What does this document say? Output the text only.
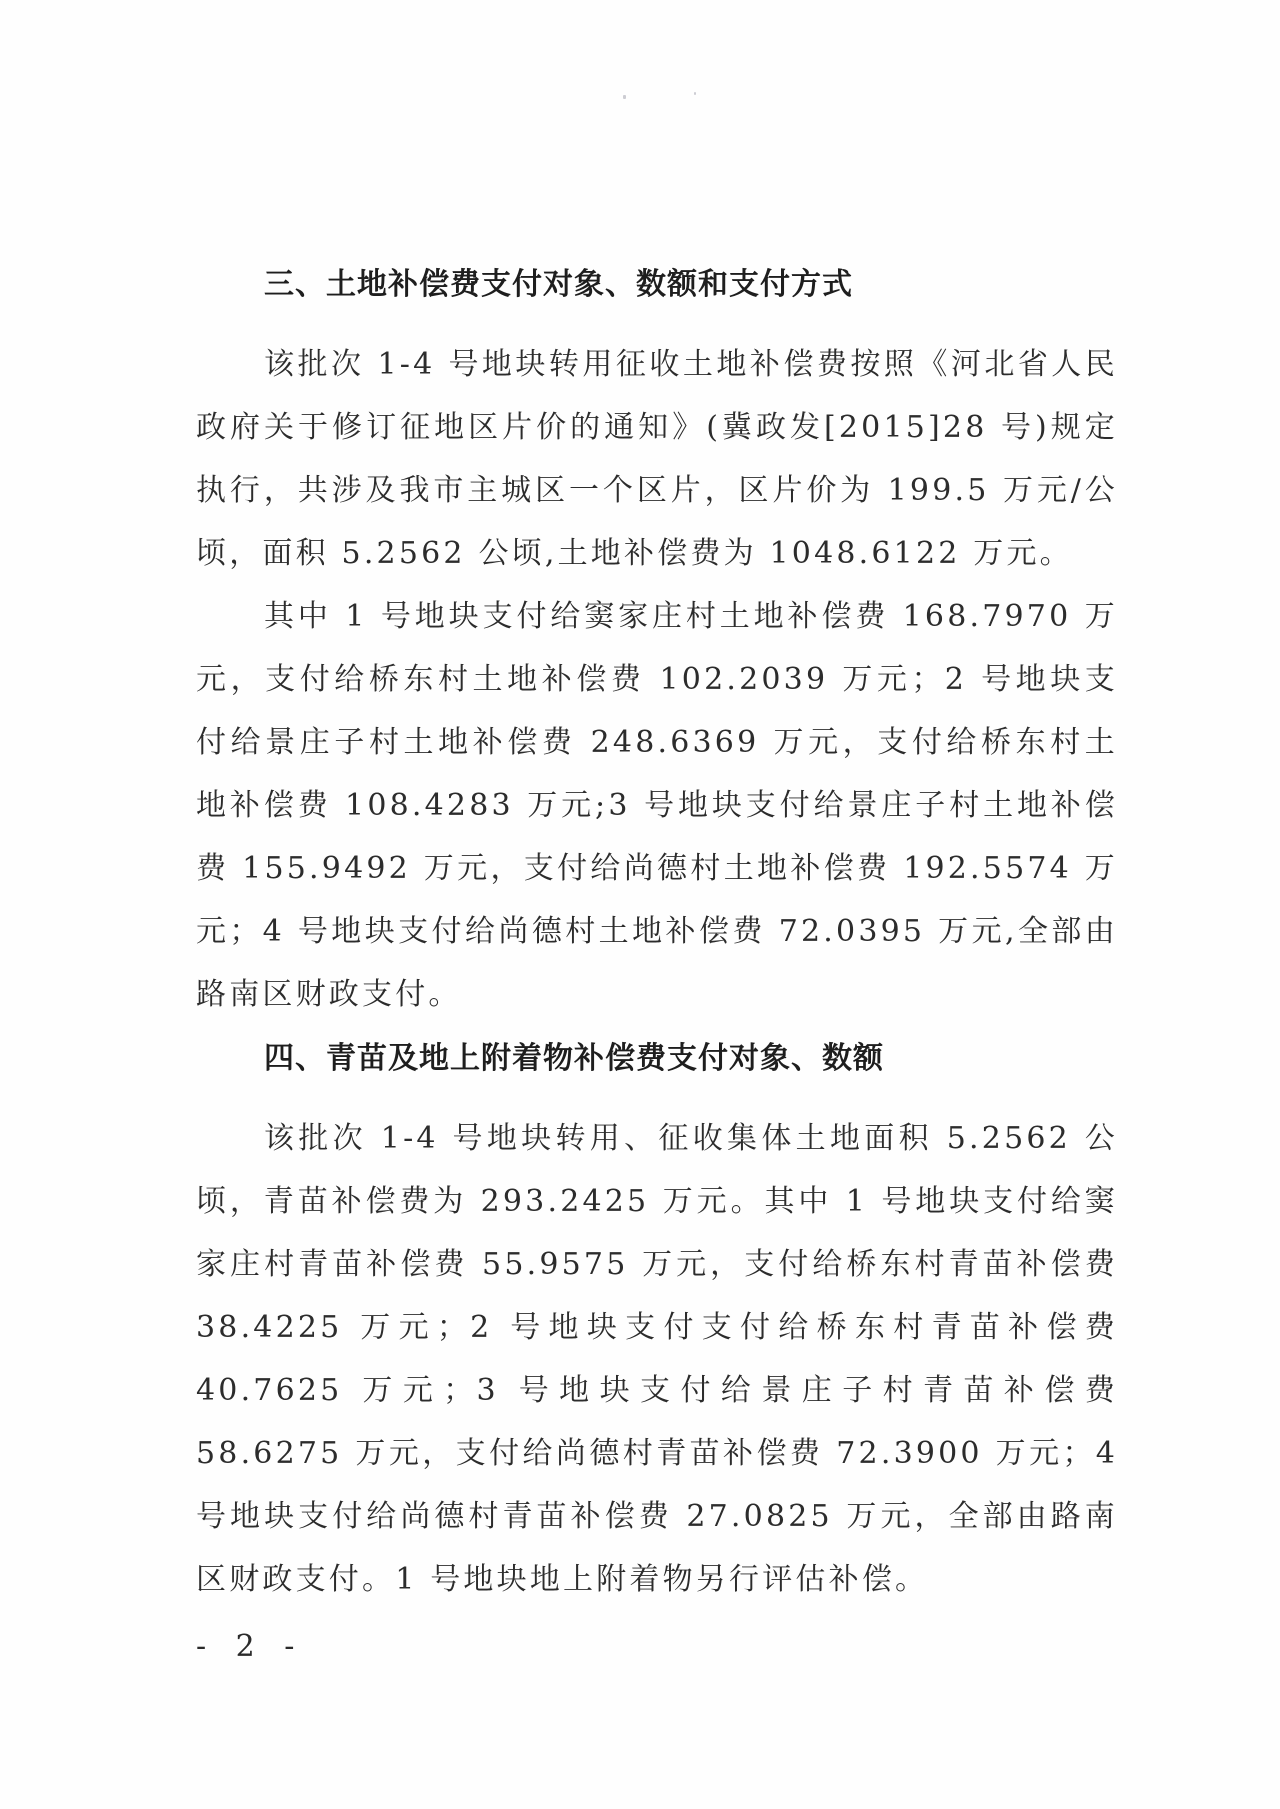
三、土地补偿费支付对象、数额和支付方式

该批次 1-4 号地块转用征收土地补偿费按照《河北省人民政府关于修订征地区片价的通知》(冀政发[2015]28 号)规定执行，共涉及我市主城区一个区片，区片价为 199.5 万元/公顷，面积 5.2562 公顷,土地补偿费为 1048.6122 万元。

其中 1 号地块支付给窦家庄村土地补偿费 168.7970 万元，支付给桥东村土地补偿费 102.2039 万元；2 号地块支付给景庄子村土地补偿费 248.6369 万元，支付给桥东村土地补偿费 108.4283 万元;3 号地块支付给景庄子村土地补偿费 155.9492 万元，支付给尚德村土地补偿费 192.5574 万元；4 号地块支付给尚德村土地补偿费 72.0395 万元,全部由路南区财政支付。

四、青苗及地上附着物补偿费支付对象、数额

该批次 1-4 号地块转用、征收集体土地面积 5.2562 公顷，青苗补偿费为 293.2425 万元。其中 1 号地块支付给窦家庄村青苗补偿费 55.9575 万元，支付给桥东村青苗补偿费 38.4225 万元；2 号地块支付支付给桥东村青苗补偿费 40.7625 万元；3 号地块支付给景庄子村青苗补偿费 58.6275 万元，支付给尚德村青苗补偿费 72.3900 万元；4 号地块支付给尚德村青苗补偿费 27.0825 万元，全部由路南区财政支付。1 号地块地上附着物另行评估补偿。

- 2 -
